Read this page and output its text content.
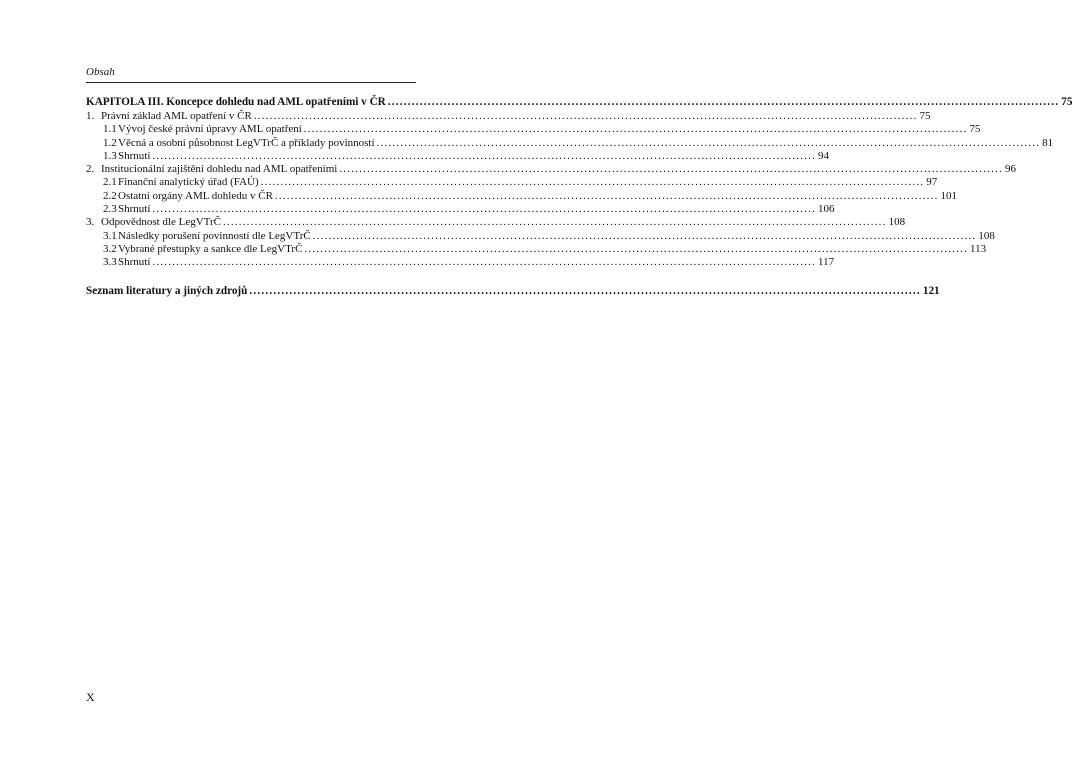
Obsah
KAPITOLA III. Koncepce dohledu nad AML opatřeními v ČR .....	75
1. Právní základ AML opatření v ČR .....	75
1.1 Vývoj české právní úpravy AML opatření .....	75
1.2 Věcná a osobní působnost LegVTrČ a příklady povinností .....	81
1.3 Shrnutí .....	94
2. Institucionální zajištění dohledu nad AML opatřeními .....	96
2.1 Finanční analytický úřad (FAÚ) .....	97
2.2 Ostatní orgány AML dohledu v ČR .....	101
2.3 Shrnutí .....	106
3. Odpovědnost dle LegVTrČ .....	108
3.1 Následky porušení povinností dle LegVTrČ .....	108
3.2 Vybrané přestupky a sankce dle LegVTrČ .....	113
3.3 Shrnutí .....	117
Seznam literatury a jiných zdrojů .....	121
X
